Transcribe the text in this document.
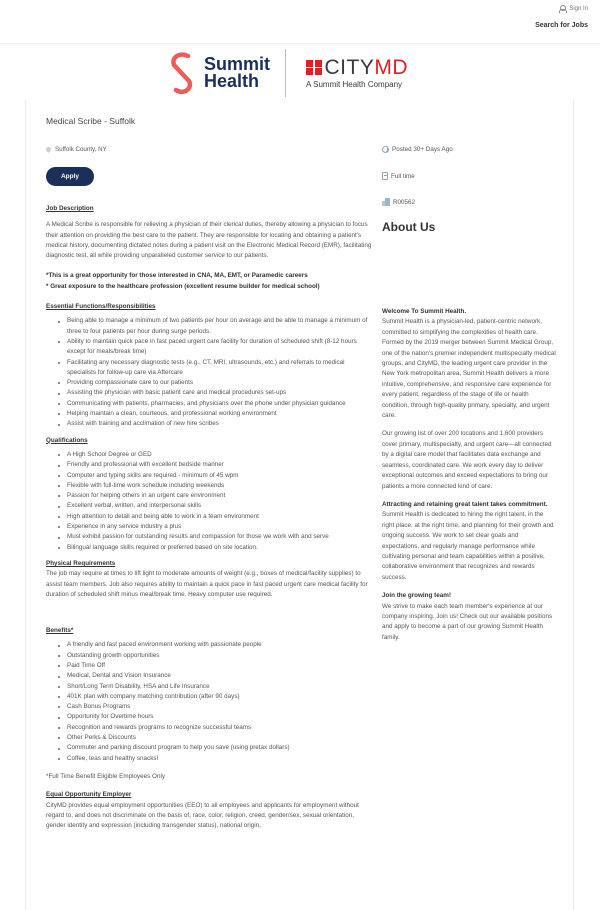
Sign In
Search for Jobs
Summit
Health
CITYMD
A Summit Health Company
Medical Scribe - Suffolk
Suffolk County, NY
Apply
Posted 30+ Days Ago
Full time
R00562
About Us

Job Description

A Medical Scribe is responsible for relieving a physician of their clerical duties, thereby allowing a physician to focus their attention on providing the best care to the patient. They are responsible for locating and obtaining a patient's medical history, documenting dictated notes during a patient visit on the Electronic Medical Record (EMR), facilitating diagnostic test, all while providing unparalleled customer service to our patients.

*This is a great opportunity for those interested in CNA, MA, EMT, or Paramedic careers

* Great exposure to the healthcare profession (excellent resume builder for medical school)

Essential Functions/Responsibilities

Being able to manage a minimum of two patients per hour on average and be able to manage a minimum of three to four patients per hour during surge periods.
Ability to maintain quick pace in fast paced urgent care facility for duration of scheduled shift (8-12 hours except for meals/break time)
Facilitating any necessary diagnostic tests (e.g., CT, MRI, ultrasounds, etc.) and referrals to medical specialists for follow-up care via Aftercare
Providing compassionate care to our patients
Assisting the physician with basic patient care and medical procedures set-ups
Communicating with patients, pharmacies, and physicians over the phone under physician guidance
Helping maintain a clean, courteous, and professional working environment
Assist with training and acclimation of new hire scribes

Qualifications

A High School Degree or GED
Friendly and professional with excellent bedside manner
Computer and typing skills are required - minimum of 45 wpm
Flexible with full-time work schedule including weekends
Passion for helping others in an urgent care environment
Excellent verbal, written, and interpersonal skills
High attention to detail and being able to work in a team environment
Experience in any service industry a plus
Must exhibit passion for outstanding results and compassion for those we work with and serve
Bilingual language skills required or preferred based on site location.

Physical Requirements

The job may require at times to lift light to moderate amounts of weight (e.g., boxes of medical/facility supplies) to assist team members. Job also requires ability to maintain a quick pace in fast paced urgent care medical facility for duration of scheduled shift minus meal/break time. Heavy computer use required.

Benefits*

A friendly and fast paced environment working with passionate people
Outstanding growth opportunities
Paid Time Off
Medical, Dental and Vision Insurance
Short/Long Term Disability, HSA and Life Insurance
401K plan with company matching contribution (after 90 days)
Cash Bonus Programs
Opportunity for Overtime hours
Recognition and rewards programs to recognize successful teams
Other Perks & Discounts
Commuter and parking discount program to help you save (using pretax dollars)
Coffee, teas and healthy snacks!

*Full Time Benefit Eligible Employees Only

Equal Opportunity Employer

CityMD provides equal employment opportunities (EEO) to all employees and applicants for employment without regard to, and does not discriminate on the basis of, race, color, religion, creed, gender/sex, sexual orientation, gender identity and expression (including transgender status), national origin,

Welcome To Summit Health.

Summit Health is a physician-led, patient-centric network, committed to simplifying the complexities of health care. Formed by the 2019 merger between Summit Medical Group, one of the nation's premier independent multispecialty medical groups, and CityMD, the leading urgent care provider in the New York metropolitan area, Summit Health delivers a more intuitive, comprehensive, and responsive care experience for every patient, regardless of the stage of life or health condition, through high-quality primary, specialty, and urgent care.

Our growing list of over 200 locations and 1,600 providers cover primary, multispecialty, and urgent care—all connected by a digital care model that facilitates data exchange and seamless, coordinated care. We work every day to deliver exceptional outcomes and exceed expectations to bring our patients a more connected kind of care.

Attracting and retaining great talent takes commitment.

Summit Health is dedicated to hiring the right talent, in the right place, at the right time, and planning for their growth and ongoing success. We work to set clear goals and expectations, and regularly manage performance while cultivating personal and team capabilities within a positive, collaborative environment that recognizes and rewards success.

Join the growing team!

We strive to make each team member's experience at our company inspiring. Join us! Check out our available positions and apply to become a part of our growing Summit Health family.
